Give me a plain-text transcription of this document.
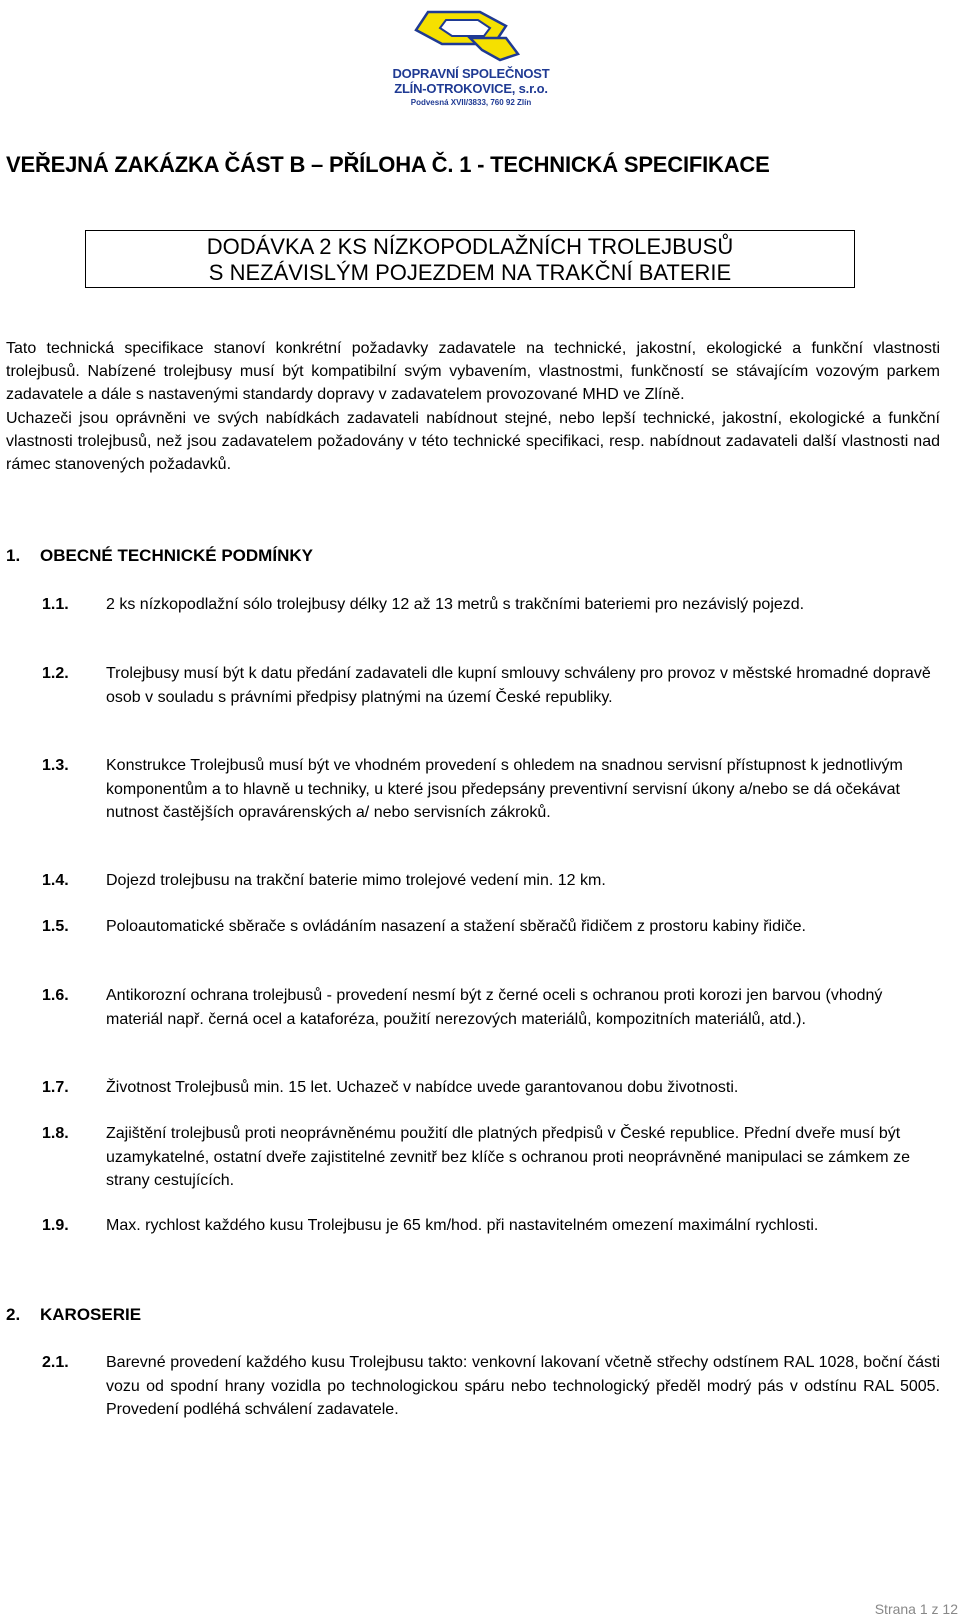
DOPRAVNÍ SPOLEČNOST
ZLÍN-OTROKOVICE, s.r.o.
Podvesná XVII/3833, 760 92 Zlín
VEŘEJNÁ ZAKÁZKA ČÁST B – PŘÍLOHA Č. 1 - TECHNICKÁ SPECIFIKACE
DODÁVKA 2 KS NÍZKOPODLAŽNÍCH TROLEJBUSŮ
S NEZÁVISLÝM POJEZDEM NA TRAKČNÍ BATERIE

Tato technická specifikace stanoví konkrétní požadavky zadavatele na technické, jakostní, ekologické a funkční vlastnosti trolejbusů. Nabízené trolejbusy musí být kompatibilní svým vybavením, vlastnostmi, funkčností se stávajícím vozovým parkem zadavatele a dále s nastavenými standardy dopravy v zadavatelem provozované MHD ve Zlíně.

Uchazeči jsou oprávněni ve svých nabídkách zadavateli nabídnout stejné, nebo lepší technické, jakostní, ekologické a funkční vlastnosti trolejbusů, než jsou zadavatelem požadovány v této technické specifikaci, resp. nabídnout zadavateli další vlastnosti nad rámec stanovených požadavků.

1. OBECNÉ TECHNICKÉ PODMÍNKY
1.1. 2 ks nízkopodlažní sólo trolejbusy délky 12 až 13 metrů s trakčními bateriemi pro nezávislý pojezd.
1.2. Trolejbusy musí být k datu předání zadavateli dle kupní smlouvy schváleny pro provoz v městské hromadné dopravě osob v souladu s právními předpisy platnými na území České republiky.
1.3. Konstrukce Trolejbusů musí být ve vhodném provedení s ohledem na snadnou servisní přístupnost k jednotlivým komponentům a to hlavně u techniky, u které jsou předepsány preventivní servisní úkony a/nebo se dá očekávat nutnost častějších opravárenských a/ nebo servisních zákroků.
1.4. Dojezd trolejbusu na trakční baterie mimo trolejové vedení min. 12 km.
1.5. Poloautomatické sběrače s ovládáním nasazení a stažení sběračů řidičem z prostoru kabiny řidiče.
1.6. Antikorozní ochrana trolejbusů - provedení nesmí být z černé oceli s ochranou proti korozi jen barvou (vhodný materiál např. černá ocel a kataforéza, použití nerezových materiálů, kompozitních materiálů, atd.).
1.7. Životnost Trolejbusů min. 15 let. Uchazeč v nabídce uvede garantovanou dobu životnosti.
1.8. Zajištění trolejbusů proti neoprávněnému použití dle platných předpisů v České republice. Přední dveře musí být uzamykatelné, ostatní dveře zajistitelné zevnitř bez klíče s ochranou proti neoprávněné manipulaci se zámkem ze strany cestujících.
1.9. Max. rychlost každého kusu Trolejbusu je 65 km/hod. při nastavitelném omezení maximální rychlosti.
2. KAROSERIE
2.1. Barevné provedení každého kusu Trolejbusu takto: venkovní lakovaní včetně střechy odstínem RAL 1028, boční části vozu od spodní hrany vozidla po technologickou spáru nebo technologický předěl modrý pás v odstínu RAL 5005. Provedení podléhá schválení zadavatele.
Strana 1 z 12
